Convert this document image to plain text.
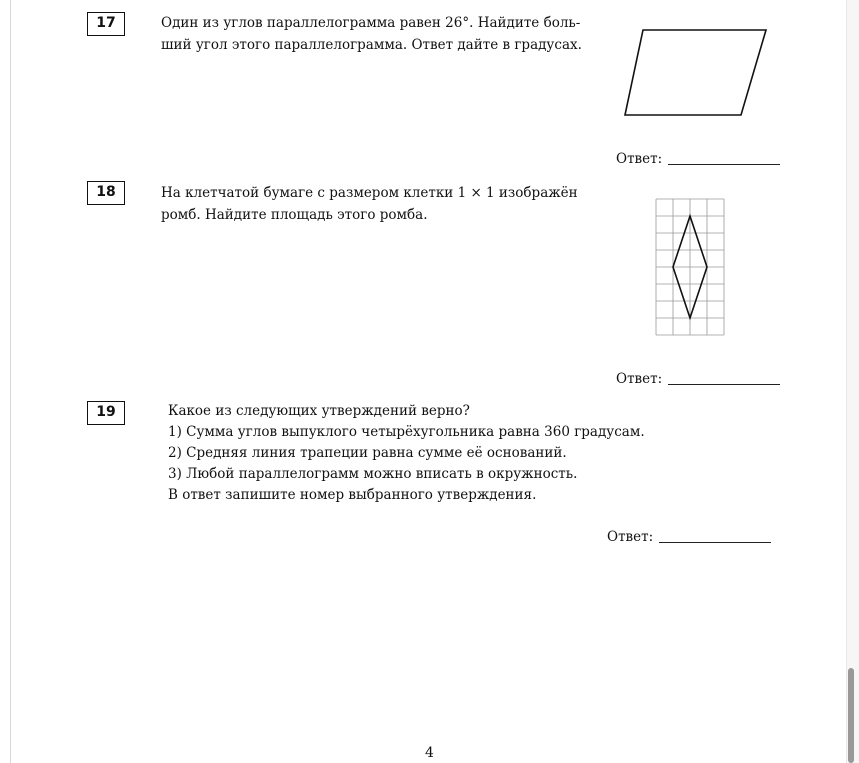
17	Один из углов параллелограмма равен 26°. Найдите боль-

ший угол этого параллелограмма. Ответ дайте в градусах.

Ответ:
18	На клетчатой бумаге с размером клетки 1 × 1 изображён

ромб. Найдите площадь этого ромба.

Ответ:
19	Какое из следующих утверждений верно?

1) Сумма углов выпуклого четырёхугольника равна 360 градусам.

2) Средняя линия трапеции равна сумме её оснований.

3) Любой параллелограмм можно вписать в окружность.

В ответ запишите номер выбранного утверждения.

Ответ:
4
